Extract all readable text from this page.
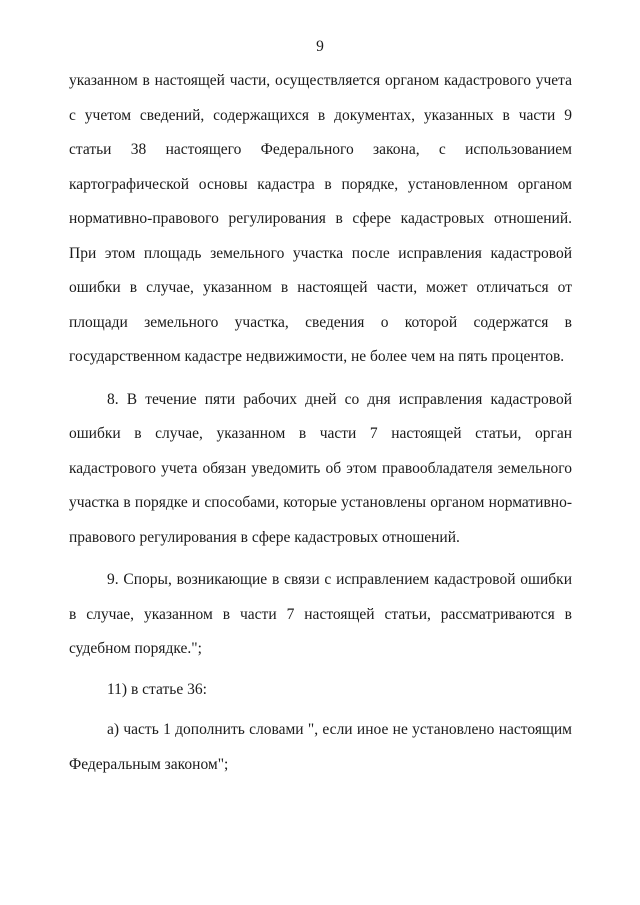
9

указанном в настоящей части, осуществляется органом кадастрового учета с учетом сведений, содержащихся в документах, указанных в части 9 статьи 38 настоящего Федерального закона, с использованием картографической основы кадастра в порядке, установленном органом нормативно-правового регулирования в сфере кадастровых отношений. При этом площадь земельного участка после исправления кадастровой ошибки в случае, указанном в настоящей части, может отличаться от площади земельного участка, сведения о которой содержатся в государственном кадастре недвижимости, не более чем на пять процентов.

8. В течение пяти рабочих дней со дня исправления кадастровой ошибки в случае, указанном в части 7 настоящей статьи, орган кадастрового учета обязан уведомить об этом правообладателя земельного участка в порядке и способами, которые установлены органом нормативно-правового регулирования в сфере кадастровых отношений.

9. Споры, возникающие в связи с исправлением кадастровой ошибки в случае, указанном в части 7 настоящей статьи, рассматриваются в судебном порядке.";

11) в статье 36:

а) часть 1 дополнить словами ", если иное не установлено настоящим Федеральным законом";
